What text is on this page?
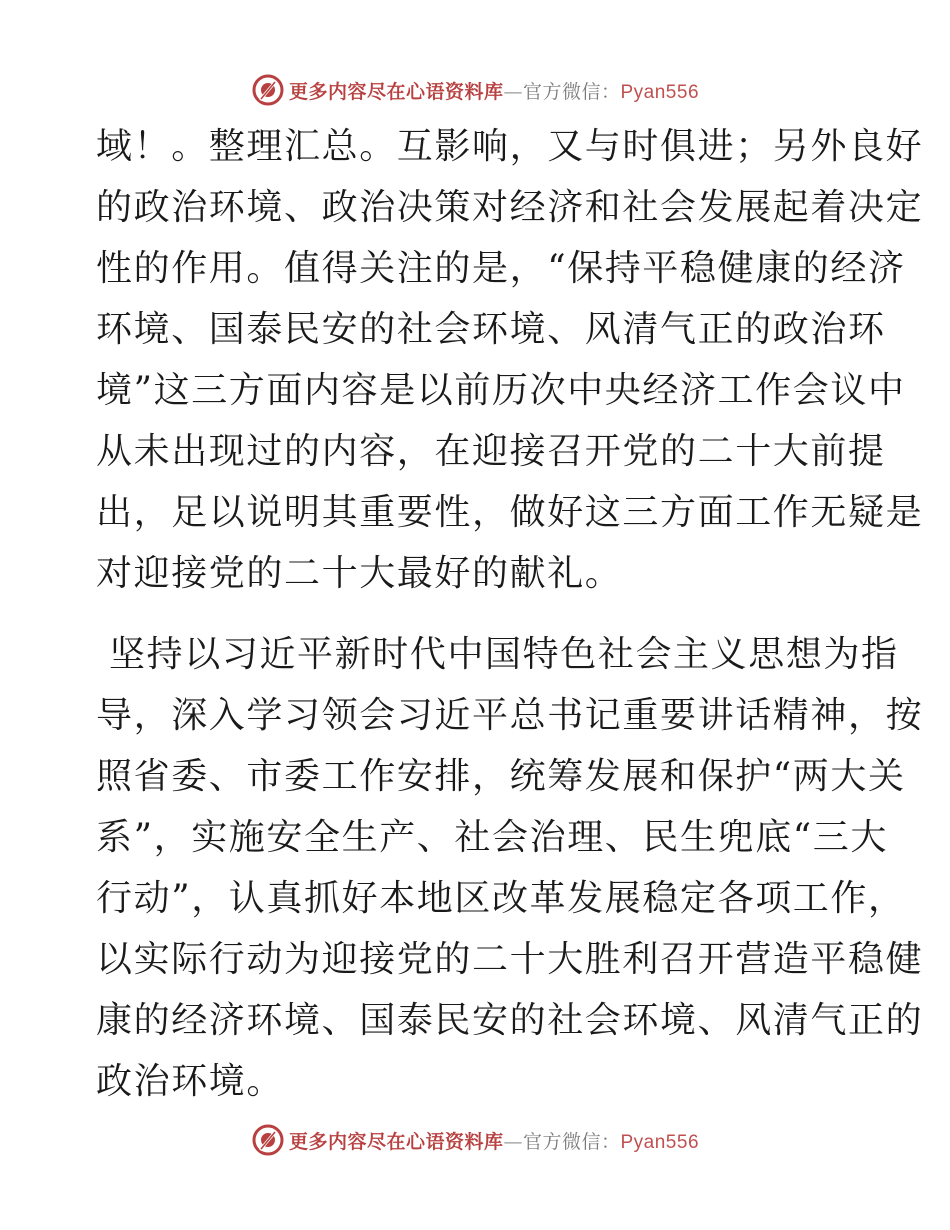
更多内容尽在心语资料库—官方微信：Pyan556

域！。整理汇总。互影响，又与时俱进；另外良好
的政治环境、政治决策对经济和社会发展起着决定
性的作用。值得关注的是，“保持平稳健康的经济
环境、国泰民安的社会环境、风清气正的政治环
境”这三方面内容是以前历次中央经济工作会议中
从未出现过的内容，在迎接召开党的二十大前提
出，足以说明其重要性，做好这三方面工作无疑是
对迎接党的二十大最好的献礼。

坚持以习近平新时代中国特色社会主义思想为指
导，深入学习领会习近平总书记重要讲话精神，按
照省委、市委工作安排，统筹发展和保护“两大关
系”，实施安全生产、社会治理、民生兜底“三大
行动”，认真抓好本地区改革发展稳定各项工作，
以实际行动为迎接党的二十大胜利召开营造平稳健
康的经济环境、国泰民安的社会环境、风清气正的
政治环境。

更多内容尽在心语资料库—官方微信：Pyan556
